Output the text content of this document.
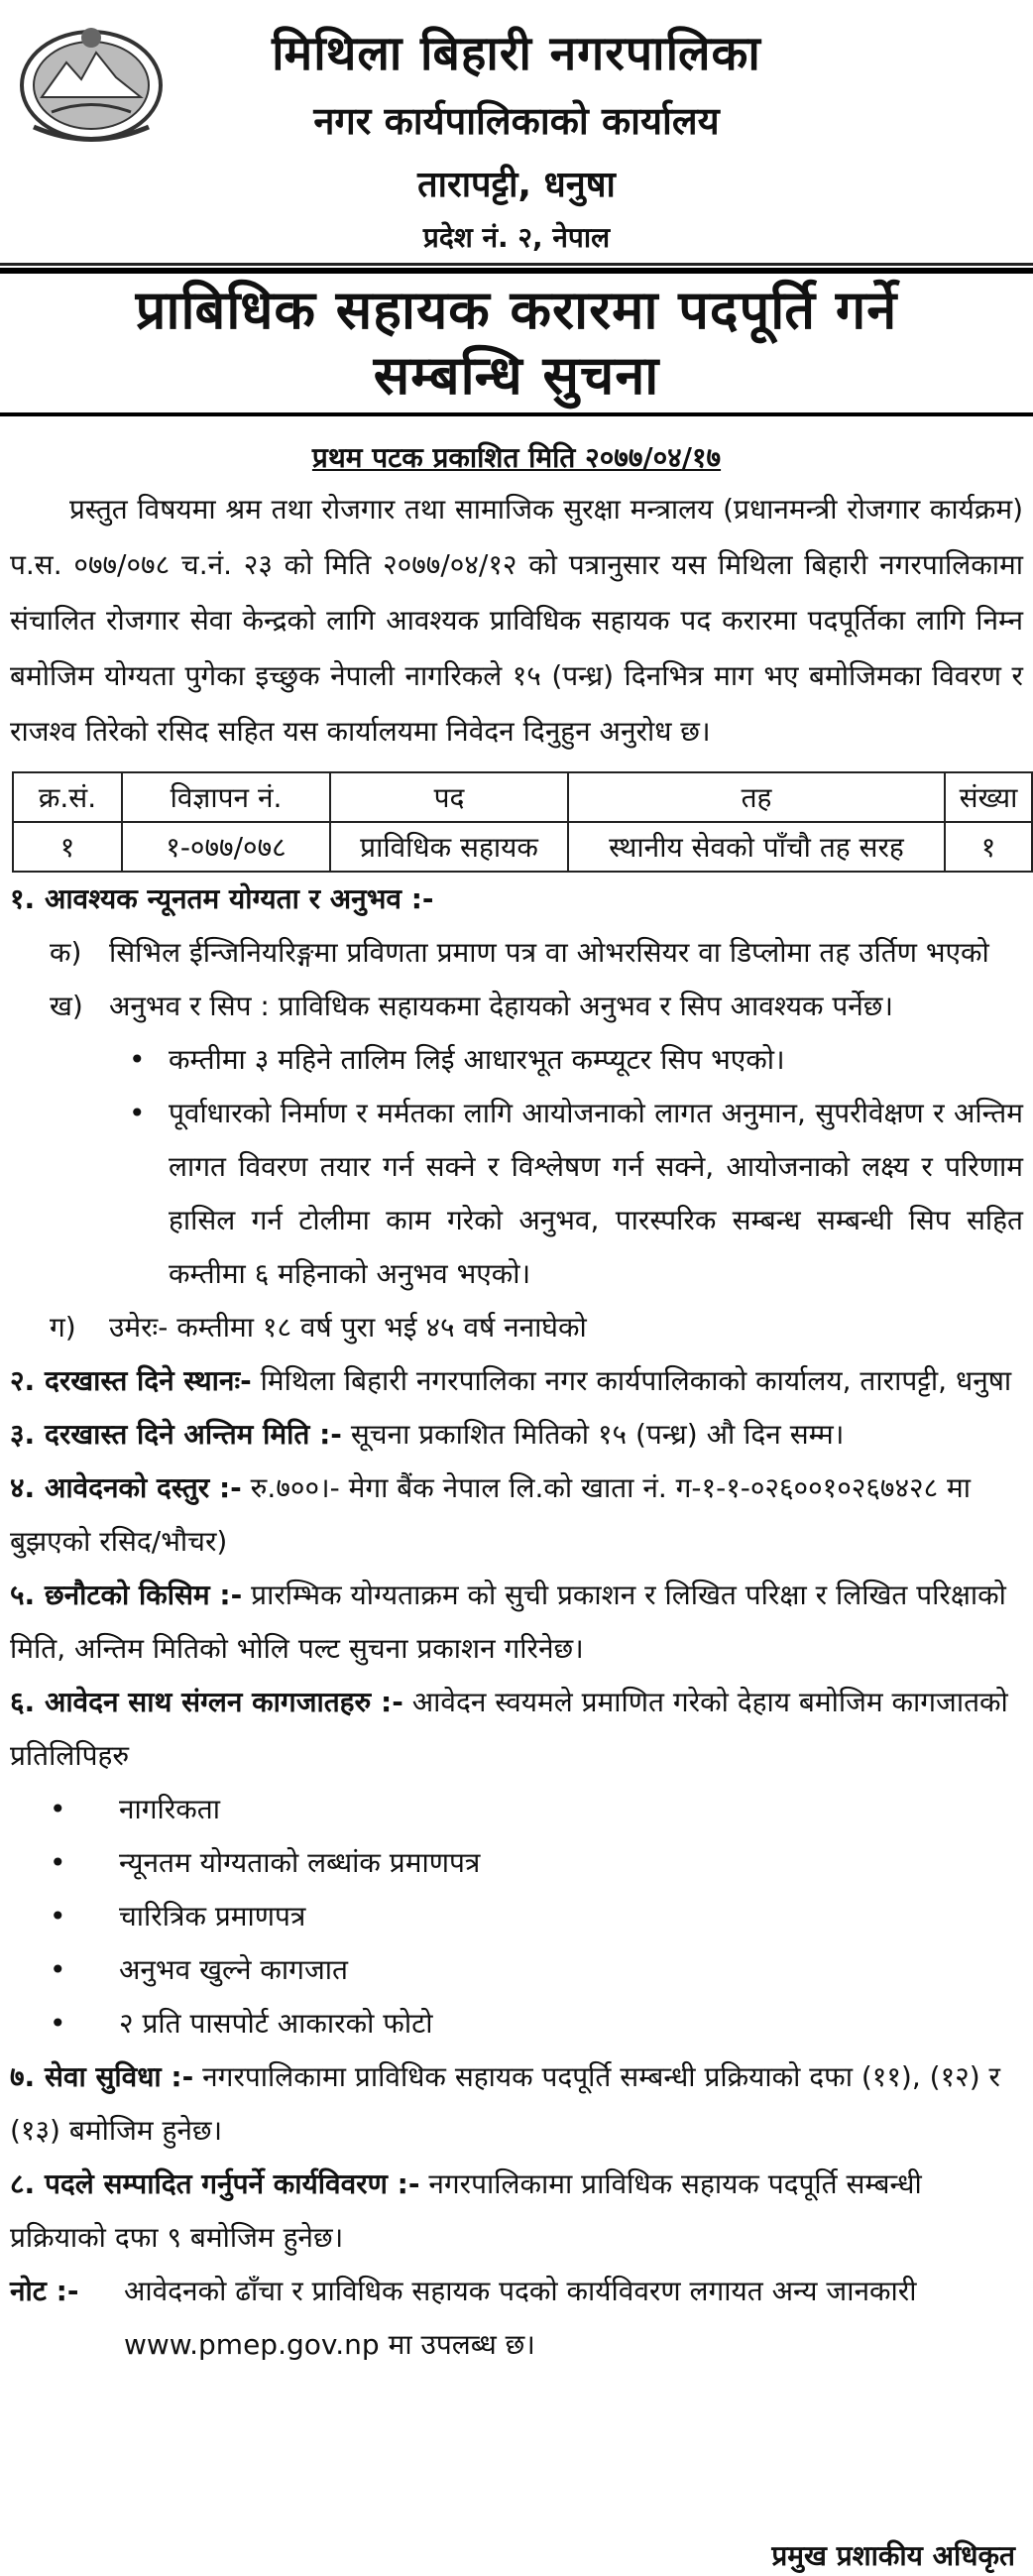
मिथिला बिहारी नगरपालिका
नगर कार्यपालिकाको कार्यालय
तारापट्टी, धनुषा
प्रदेश नं. २, नेपाल
प्राबिधिक सहायक करारमा पदपूर्ति गर्ने
सम्बन्धि सुचना
प्रथम पटक प्रकाशित मिति २०७७/०४/१७

प्रस्तुत विषयमा श्रम तथा रोजगार तथा सामाजिक सुरक्षा मन्त्रालय (प्रधानमन्त्री रोजगार कार्यक्रम) प.स. ०७७/०७८ च.नं. २३ को मिति २०७७/०४/१२ को पत्रानुसार यस मिथिला बिहारी नगरपालिकामा संचालित रोजगार सेवा केन्द्रको लागि आवश्यक प्राविधिक सहायक पद करारमा पदपूर्तिका लागि निम्न बमोजिम योग्यता पुगेका इच्छुक नेपाली नागरिकले १५ (पन्ध्र) दिनभित्र माग भए बमोजिमका विवरण र राजश्व तिरेको रसिद सहित यस कार्यालयमा निवेदन दिनुहुन अनुरोध छ।

क्र.सं.	विज्ञापन नं.	पद	तह	संख्या
१	१-०७७/०७८	प्राविधिक सहायक	स्थानीय सेवको पाँचौ तह सरह	१

१. आवश्यक न्यूनतम योग्यता र अनुभव :-

क) सिभिल ईन्जिनियरिङ्गमा प्रविणता प्रमाण पत्र वा ओभरसियर वा डिप्लोमा तह उर्तिण भएको
ख) अनुभव र सिप : प्राविधिक सहायकमा देहायको अनुभव र सिप आवश्यक पर्नेछ।
• कम्तीमा ३ महिने तालिम लिई आधारभूत कम्प्यूटर सिप भएको।
• पूर्वाधारको निर्माण र मर्मतका लागि आयोजनाको लागत अनुमान, सुपरीवेक्षण र अन्तिम लागत विवरण तयार गर्न सक्ने र विश्लेषण गर्न सक्ने, आयोजनाको लक्ष्य र परिणाम हासिल गर्न टोलीमा काम गरेको अनुभव, पारस्परिक सम्बन्ध सम्बन्धी सिप सहित कम्तीमा ६ महिनाको अनुभव भएको।
ग)	उमेरः- कम्तीमा १८ वर्ष पुरा भई ४५ वर्ष ननाघेको

२. दरखास्त दिने स्थानः- मिथिला बिहारी नगरपालिका नगर कार्यपालिकाको कार्यालय, तारापट्टी, धनुषा

३. दरखास्त दिने अन्तिम मिति :- सूचना प्रकाशित मितिको १५ (पन्ध्र) औ दिन सम्म।

४. आवेदनको दस्तुर :- रु.७००।- मेगा बैंक नेपाल लि.को खाता नं. ग-१-१-०२६००१०२६७४२८ मा बुझएको रसिद/भौचर)

५. छनौटको किसिम :- प्रारम्भिक योग्यताक्रम को सुची प्रकाशन र लिखित परिक्षा र लिखित परिक्षाको मिति, अन्तिम मितिको भोलि पल्ट सुचना प्रकाशन गरिनेछ।

६. आवेदन साथ संग्लन कागजातहरु :- आवेदन स्वयमले प्रमाणित गरेको देहाय बमोजिम कागजातको प्रतिलिपिहरु

•	नागरिकता
•	न्यूनतम योग्यताको लब्धांक प्रमाणपत्र
•	चारित्रिक प्रमाणपत्र
•	अनुभव खुल्ने कागजात
•	२ प्रति पासपोर्ट आकारको फोटो

७. सेवा सुविधा :- नगरपालिकामा प्राविधिक सहायक पदपूर्ति सम्बन्धी प्रक्रियाको दफा (११), (१२) र (१३) बमोजिम हुनेछ।

८. पदले सम्पादित गर्नुपर्ने कार्यविवरण :- नगरपालिकामा प्राविधिक सहायक पदपूर्ति सम्बन्धी प्रक्रियाको दफा ९ बमोजिम हुनेछ।

नोट :-	आवेदनको ढाँचा र प्राविधिक सहायक पदको कार्यविवरण लगायत अन्य जानकारी www.pmep.gov.np मा उपलब्ध छ।
प्रमुख प्रशाकीय अधिकृत
